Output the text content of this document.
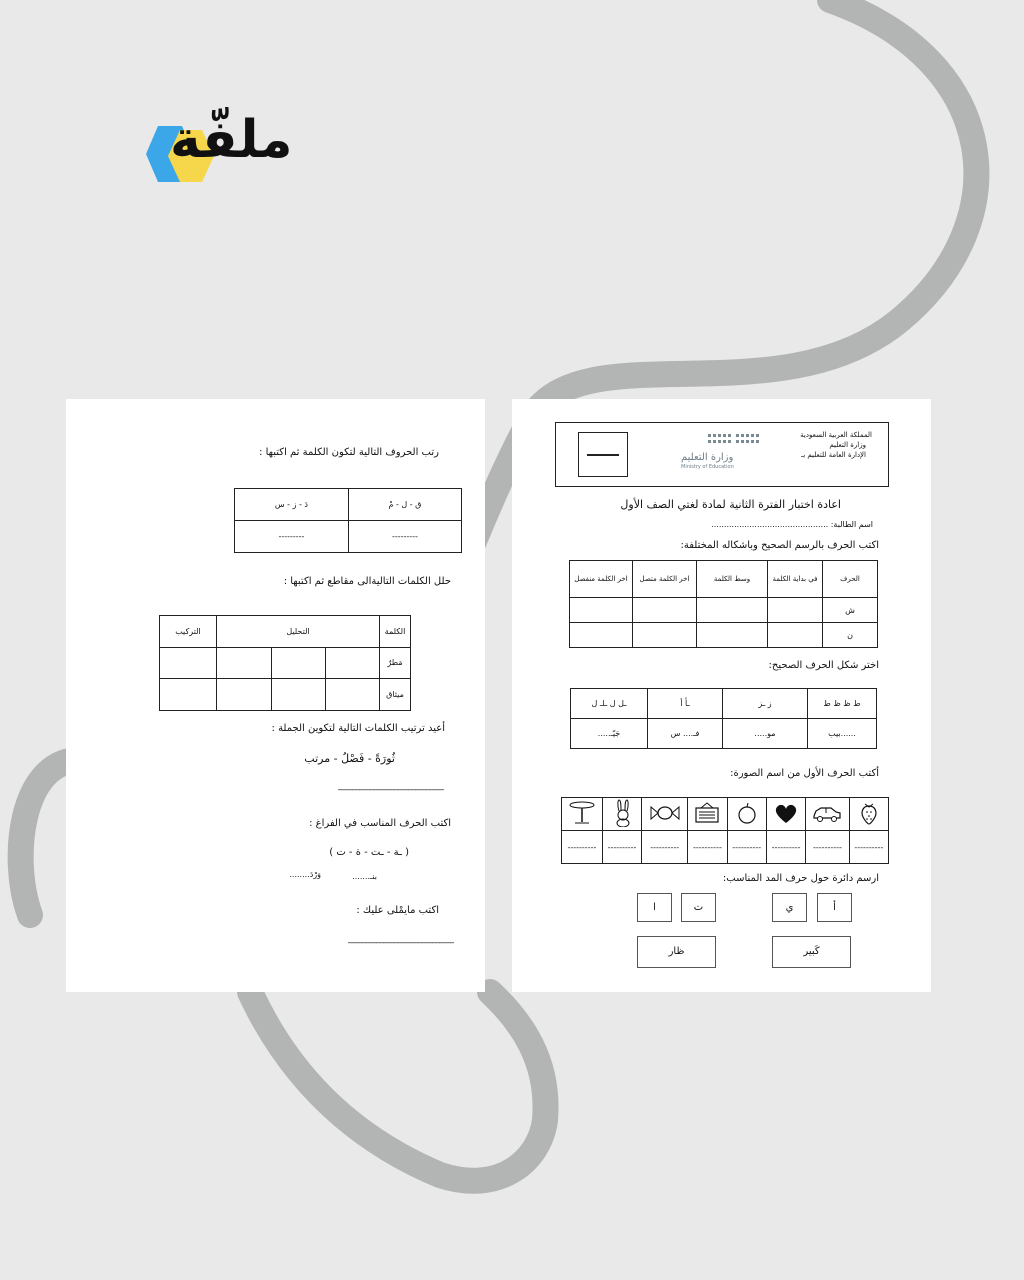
ملفّة
رتب الحروف التالية لتكون الكلمة ثم اكتبها :
ق - ل - مْ	دَ - ز - س
---------	---------
حلل الكلمات التاليةالى مقاطع ثم اكتبها :
الكلمة	التحليل			التركيب
مَطرٌ				
ميثاق				
أعيد ترتيب الكلمات التالية لتكوين الجملة :
ثُورَةً - فَصْلُ - مرتب
______________________________
اكتب الحرف المناسب في الفراغ :
( ـة - ـت - ة - ت )
بنـ.......
وَرْدَ........
اكتب مايمْلى عليك :
______________________________
المملكة العربية السعودية
وزارة التعليم
الإدارة العامة للتعليم بـ
وزارة التعليم
Ministry of Education
اعادة اختبار الفترة الثانية لمادة لغتي الصف الأول
اسم الطالبة: ..............................................
اكتب الحرف بالرسم الصحيح وباشكاله المختلفة:
الحرف	في بداية الكلمة	وسط الكلمة	اخر الكلمة متصل	اخر الكلمة منفصل
ش				
ن				
اختر شكل الحرف الصحيح:
ط ظ ظ ط	ز ـز	ـأ أ	ـل ل ـلـ ل
......بيب	مو.....	فـ.... س	جَيّـ.....
أكتب الحرف الأول من اسم الصورة:

----------	----------	----------	----------	----------	----------	----------	----------
ارسم دائرة حول حرف المد المناسب:
أ
ي
ت
ا
كَبير
ظار
